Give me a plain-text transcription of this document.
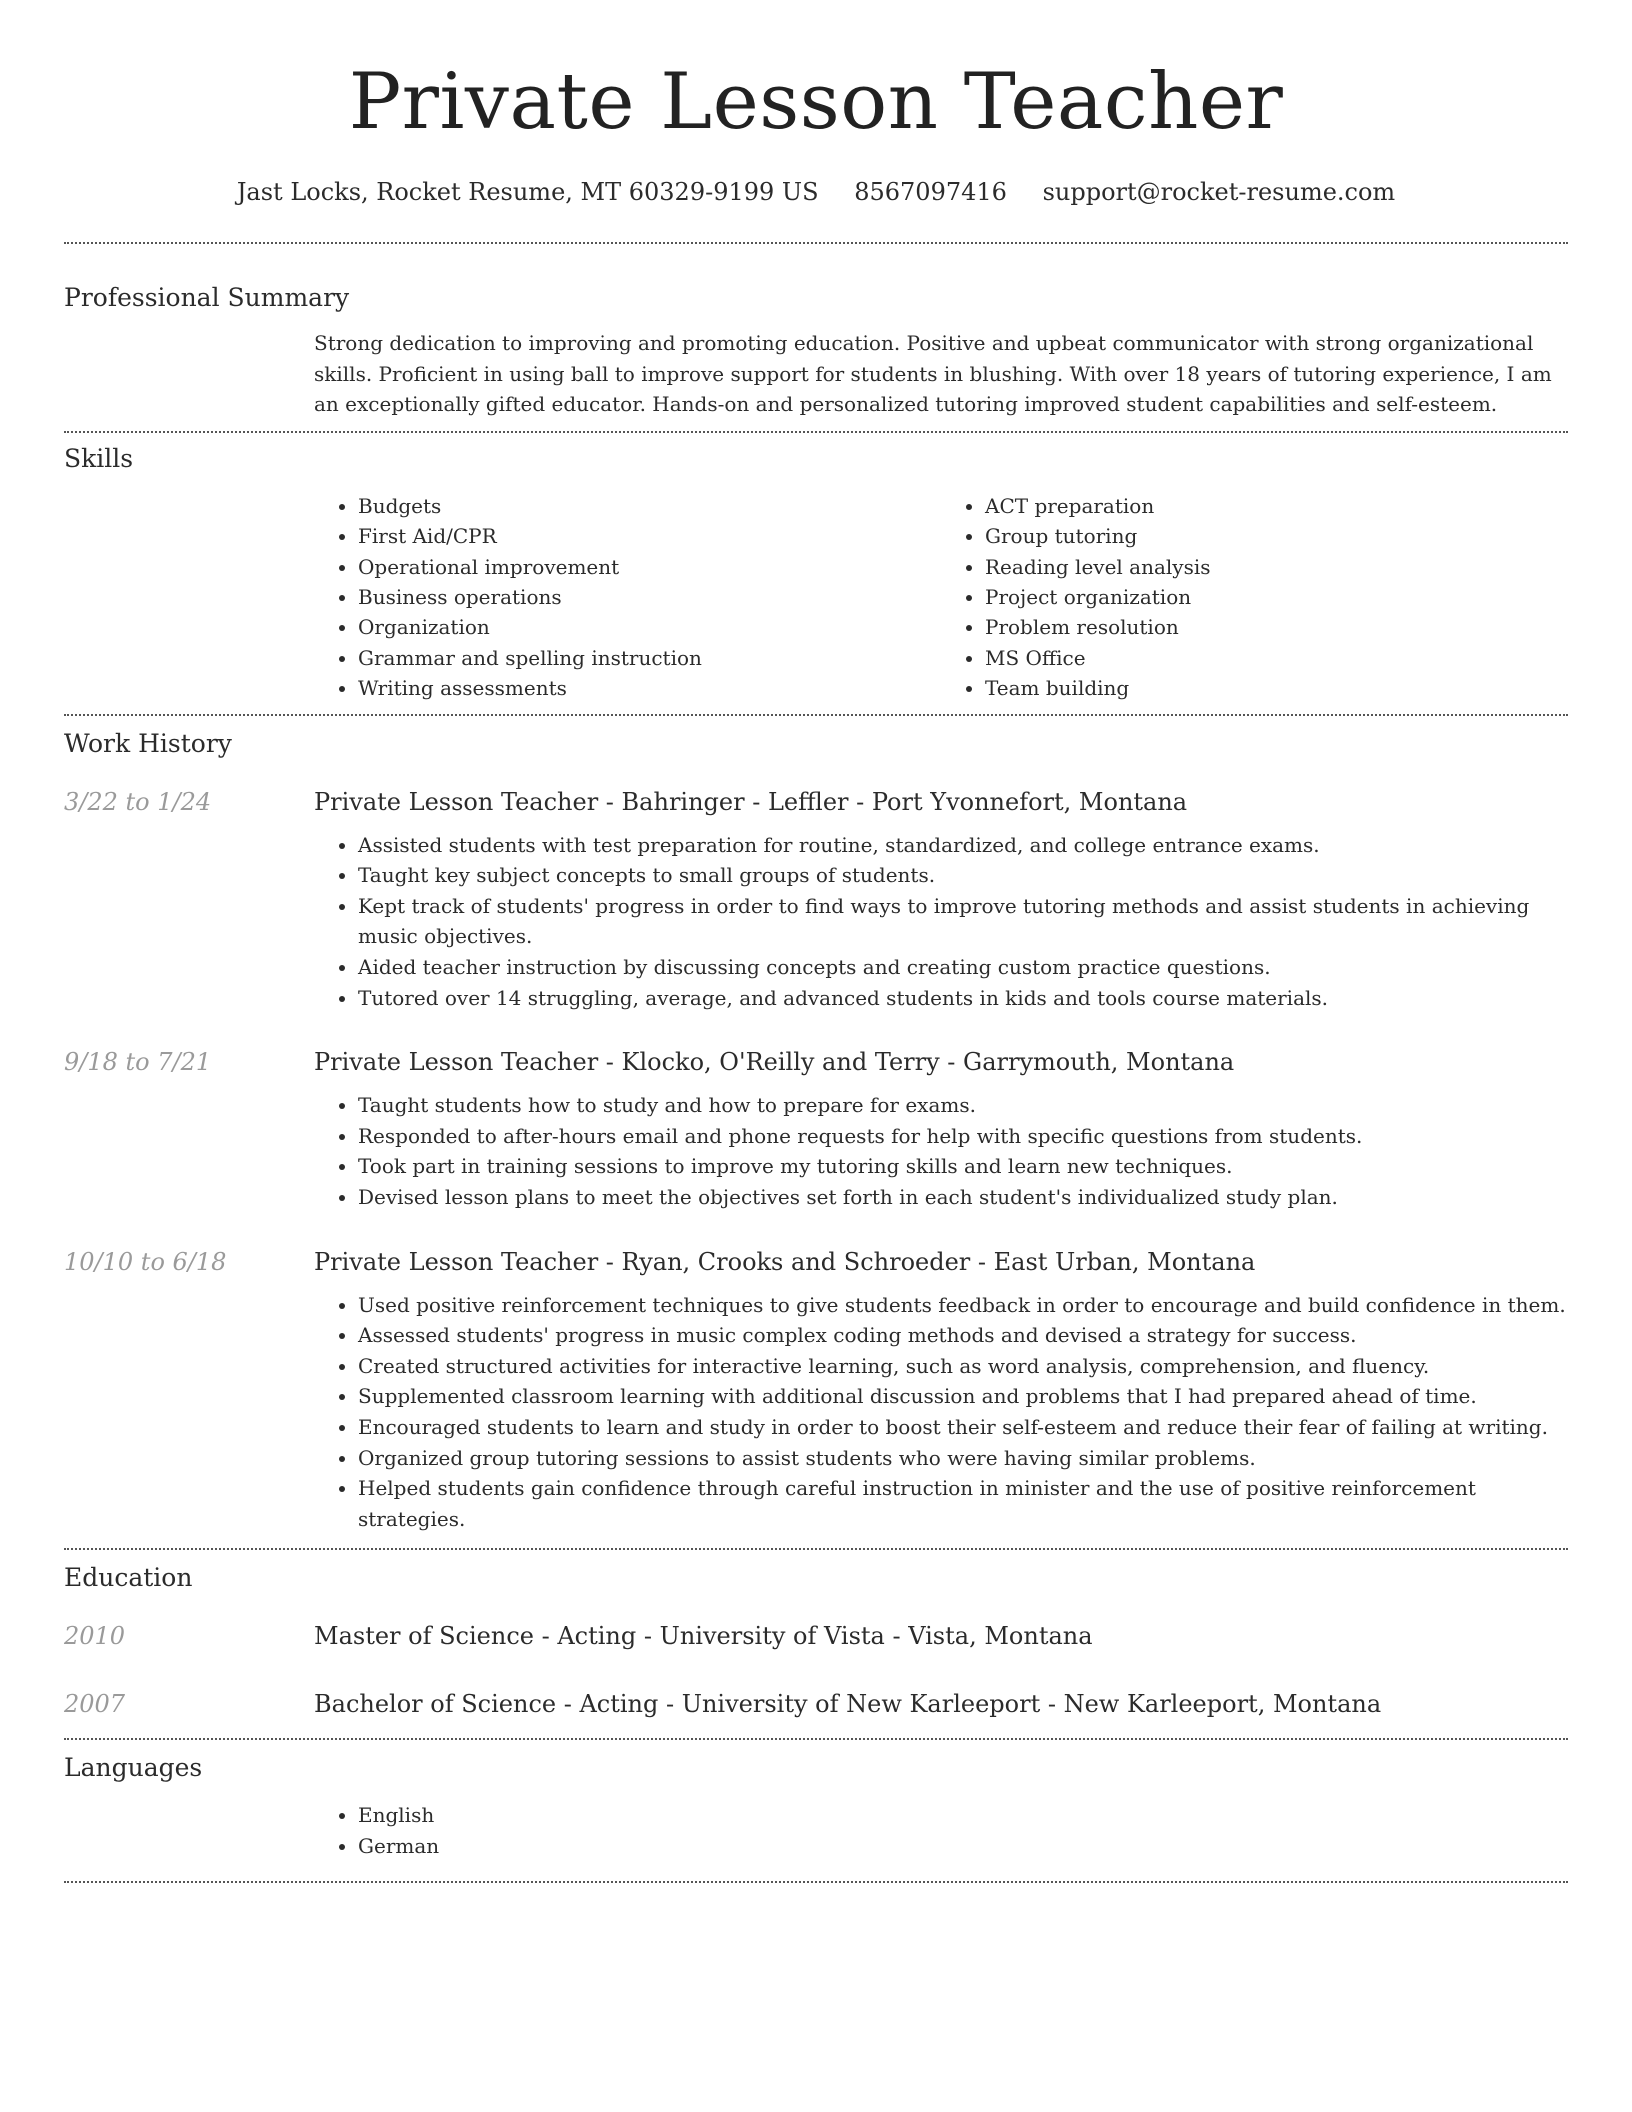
Private Lesson Teacher
Jast Locks, Rocket Resume, MT 60329-9199 US 8567097416 support@rocket-resume.com
Professional Summary
Strong dedication to improving and promoting education. Positive and upbeat communicator with strong organizational skills. Proficient in using ball to improve support for students in blushing. With over 18 years of tutoring experience, I am an exceptionally gifted educator. Hands-on and personalized tutoring improved student capabilities and self-esteem.
Skills
• Budgets
• First Aid/CPR
• Operational improvement
• Business operations
• Organization
• Grammar and spelling instruction
• Writing assessments
• ACT preparation
• Group tutoring
• Reading level analysis
• Project organization
• Problem resolution
• MS Office
• Team building
Work History
3/22 to 1/24	Private Lesson Teacher - Bahringer - Leffler - Port Yvonnefort, Montana
• Assisted students with test preparation for routine, standardized, and college entrance exams.
• Taught key subject concepts to small groups of students.
• Kept track of students' progress in order to find ways to improve tutoring methods and assist students in achieving music objectives.
• Aided teacher instruction by discussing concepts and creating custom practice questions.
• Tutored over 14 struggling, average, and advanced students in kids and tools course materials.
9/18 to 7/21	Private Lesson Teacher - Klocko, O'Reilly and Terry - Garrymouth, Montana
• Taught students how to study and how to prepare for exams.
• Responded to after-hours email and phone requests for help with specific questions from students.
• Took part in training sessions to improve my tutoring skills and learn new techniques.
• Devised lesson plans to meet the objectives set forth in each student's individualized study plan.
10/10 to 6/18	Private Lesson Teacher - Ryan, Crooks and Schroeder - East Urban, Montana
• Used positive reinforcement techniques to give students feedback in order to encourage and build confidence in them.
• Assessed students' progress in music complex coding methods and devised a strategy for success.
• Created structured activities for interactive learning, such as word analysis, comprehension, and fluency.
• Supplemented classroom learning with additional discussion and problems that I had prepared ahead of time.
• Encouraged students to learn and study in order to boost their self-esteem and reduce their fear of failing at writing.
• Organized group tutoring sessions to assist students who were having similar problems.
• Helped students gain confidence through careful instruction in minister and the use of positive reinforcement strategies.
Education
2010	Master of Science - Acting - University of Vista - Vista, Montana
2007	Bachelor of Science - Acting - University of New Karleeport - New Karleeport, Montana
Languages
• English
• German
